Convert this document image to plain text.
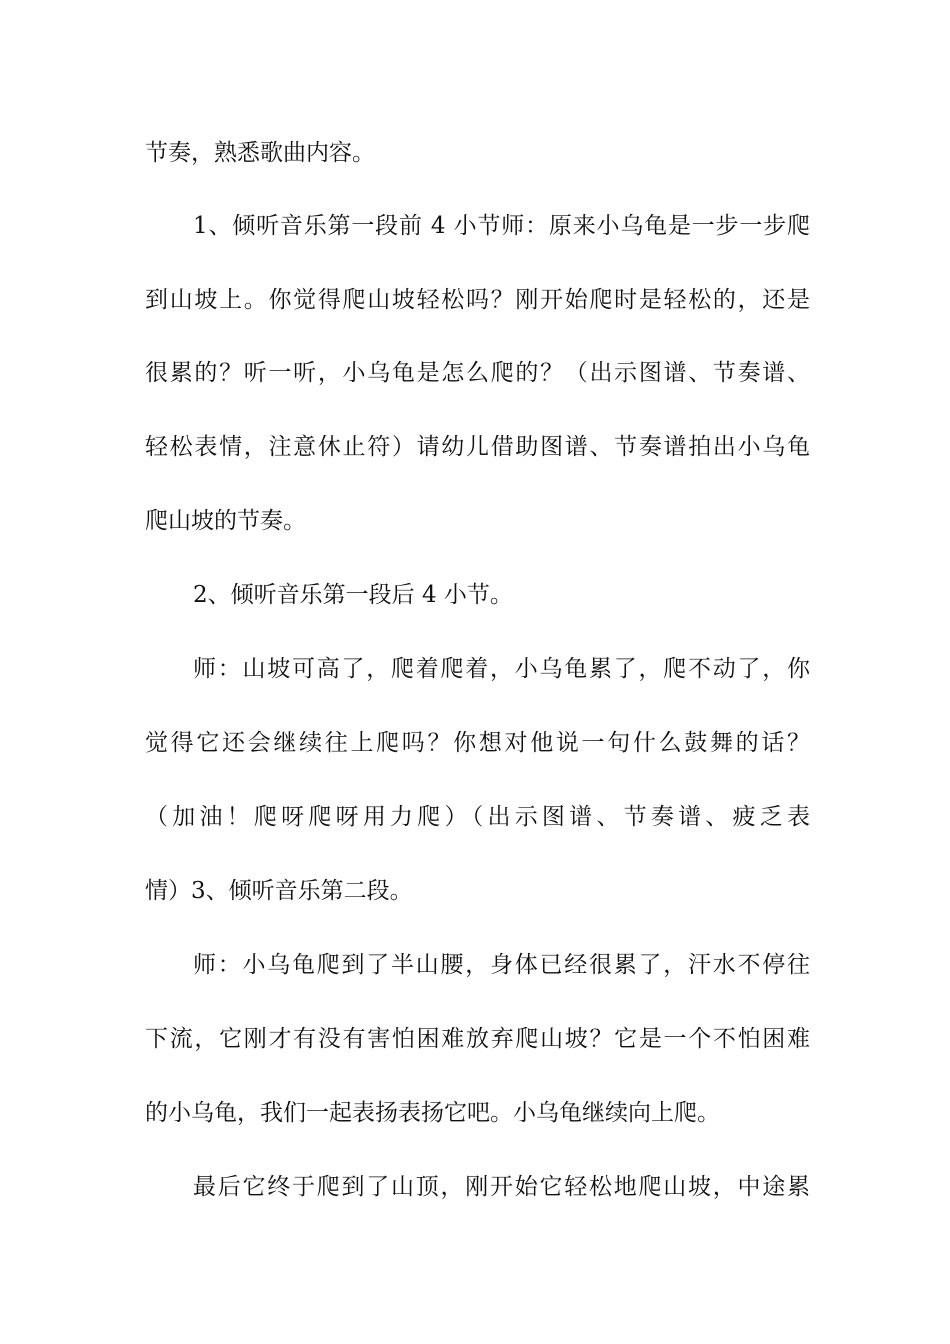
节奏，熟悉歌曲内容。
1、倾听音乐第一段前 4 小节师：原来小乌龟是一步一步爬
到山坡上。你觉得爬山坡轻松吗？刚开始爬时是轻松的，还是
很累的？听一听，小乌龟是怎么爬的？（出示图谱、节奏谱、
轻松表情，注意休止符）请幼儿借助图谱、节奏谱拍出小乌龟
爬山坡的节奏。
2、倾听音乐第一段后 4 小节。
师：山坡可高了，爬着爬着，小乌龟累了，爬不动了，你
觉得它还会继续往上爬吗？你想对他说一句什么鼓舞的话？
（加油！爬呀爬呀用力爬）（出示图谱、节奏谱、疲乏表
情）3、倾听音乐第二段。
师：小乌龟爬到了半山腰，身体已经很累了，汗水不停往
下流，它刚才有没有害怕困难放弃爬山坡？它是一个不怕困难
的小乌龟，我们一起表扬表扬它吧。小乌龟继续向上爬。
最后它终于爬到了山顶，刚开始它轻松地爬山坡，中途累
